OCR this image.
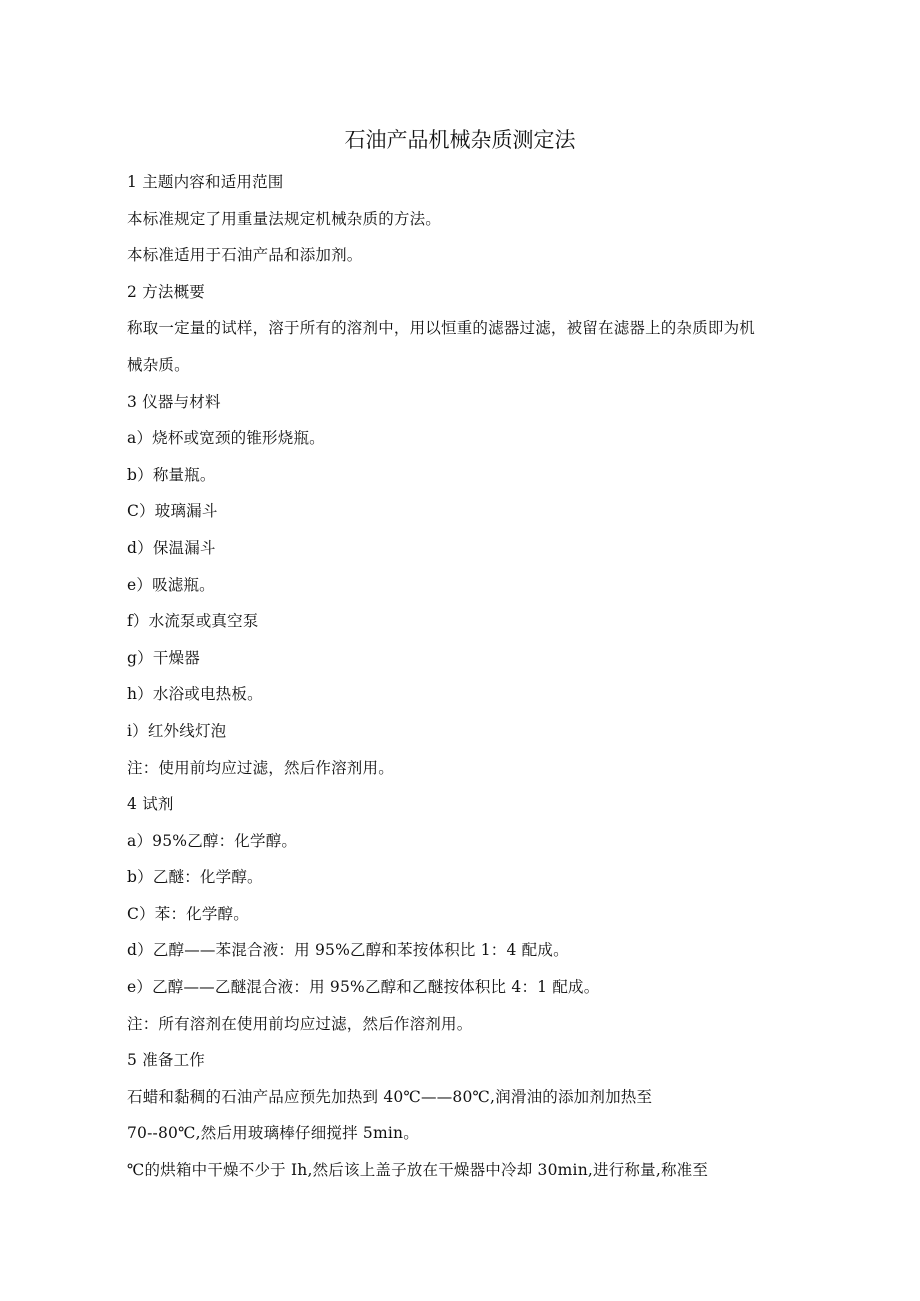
石油产品机械杂质测定法
1 主题内容和适用范围
本标准规定了用重量法规定机械杂质的方法。
本标准适用于石油产品和添加剂。
2 方法概要
称取一定量的试样，溶于所有的溶剂中，用以恒重的滤器过滤，被留在滤器上的杂质即为机
械杂质。
3 仪器与材料
a）烧杯或宽颈的锥形烧瓶。
b）称量瓶。
C）玻璃漏斗
d）保温漏斗
e）吸滤瓶。
f）水流泵或真空泵
g）干燥器
h）水浴或电热板。
i）红外线灯泡
注：使用前均应过滤，然后作溶剂用。
4 试剂
a）95%乙醇：化学醇。
b）乙醚：化学醇。
C）苯：化学醇。
d）乙醇——苯混合液：用 95%乙醇和苯按体积比 1：4 配成。
e）乙醇——乙醚混合液：用 95%乙醇和乙醚按体积比 4：1 配成。
注：所有溶剂在使用前均应过滤，然后作溶剂用。
5 准备工作
石蜡和黏稠的石油产品应预先加热到 40℃——80℃,润滑油的添加剂加热至
70--80℃,然后用玻璃棒仔细搅拌 5min。
℃的烘箱中干燥不少于 Ih,然后该上盖子放在干燥器中冷却 30min,进行称量,称准至
